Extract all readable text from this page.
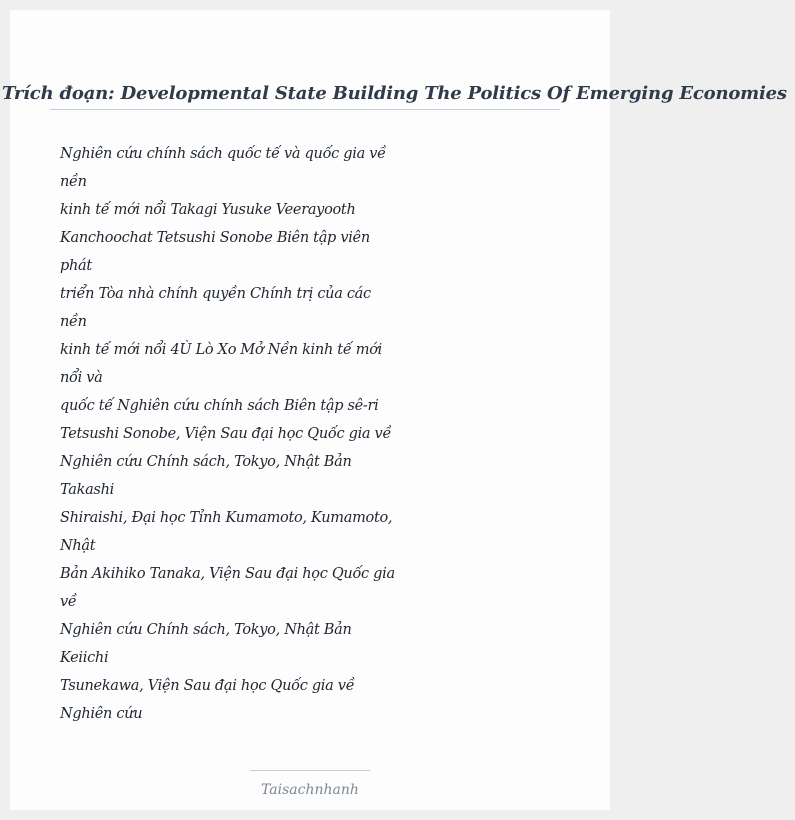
Trích đoạn: Developmental State Building The Politics Of Emerging Economies
Nghiên cứu chính sách quốc tế và quốc gia về
nền
kinh tế mới nổi Takagi Yusuke Veerayooth
Kanchoochat Tetsushi Sonobe Biên tập viên
phát
triển Tòa nhà chính quyền Chính trị của các
nền
kinh tế mới nổi 4Ù Lò Xo Mở Nền kinh tế mới
nổi và
quốc tế Nghiên cứu chính sách Biên tập sê-ri
Tetsushi Sonobe, Viện Sau đại học Quốc gia về
Nghiên cứu Chính sách, Tokyo, Nhật Bản
Takashi
Shiraishi, Đại học Tỉnh Kumamoto, Kumamoto,
Nhật
Bản Akihiko Tanaka, Viện Sau đại học Quốc gia
về
Nghiên cứu Chính sách, Tokyo, Nhật Bản
Keiichi
Tsunekawa, Viện Sau đại học Quốc gia về
Nghiên cứu
Taisachnhanh
